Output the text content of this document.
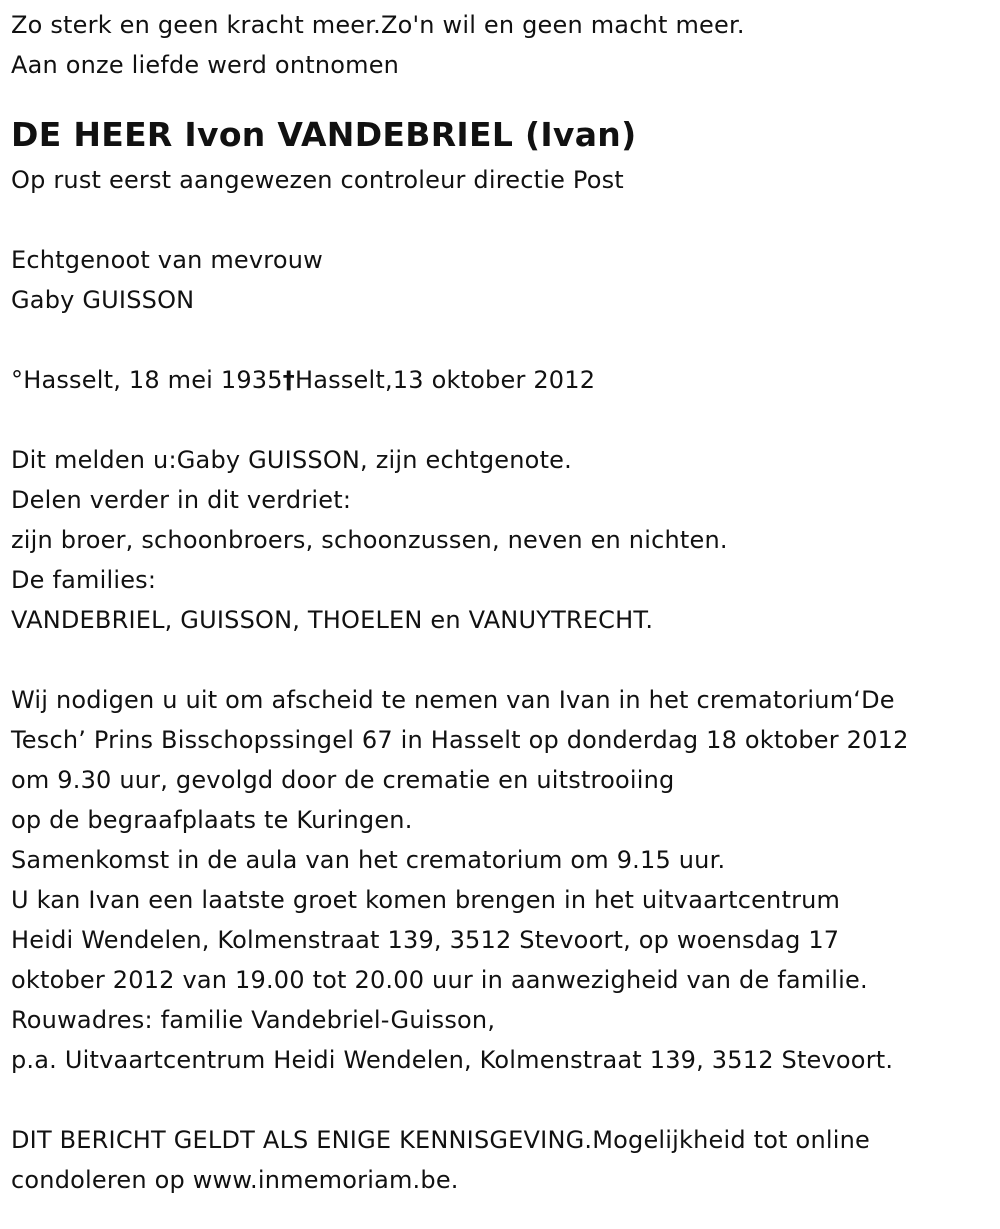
Zo sterk en geen kracht meer.Zo'n wil en geen macht meer.
Aan onze liefde werd ontnomen
DE HEER Ivon VANDEBRIEL (Ivan)
Op rust eerst aangewezen controleur directie Post
Echtgenoot van mevrouw
Gaby GUISSON
°Hasselt, 18 mei 1935†Hasselt,13 oktober 2012
Dit melden u:Gaby GUISSON, zijn echtgenote.
Delen verder in dit verdriet:
zijn broer, schoonbroers, schoonzussen, neven en nichten.
De families:
VANDEBRIEL, GUISSON, THOELEN en VANUYTRECHT.
Wij nodigen u uit om afscheid te nemen van Ivan in het crematorium‘De
Tesch’ Prins Bisschopssingel 67 in Hasselt op donderdag 18 oktober 2012
om 9.30 uur, gevolgd door de crematie en uitstrooiing
op de begraafplaats te Kuringen.
Samenkomst in de aula van het crematorium om 9.15 uur.
U kan Ivan een laatste groet komen brengen in het uitvaartcentrum
Heidi Wendelen, Kolmenstraat 139, 3512 Stevoort, op woensdag 17
oktober 2012 van 19.00 tot 20.00 uur in aanwezigheid van de familie.
Rouwadres: familie Vandebriel-Guisson,
p.a. Uitvaartcentrum Heidi Wendelen, Kolmenstraat 139, 3512 Stevoort.
DIT BERICHT GELDT ALS ENIGE KENNISGEVING.Mogelijkheid tot online
condoleren op www.inmemoriam.be.
